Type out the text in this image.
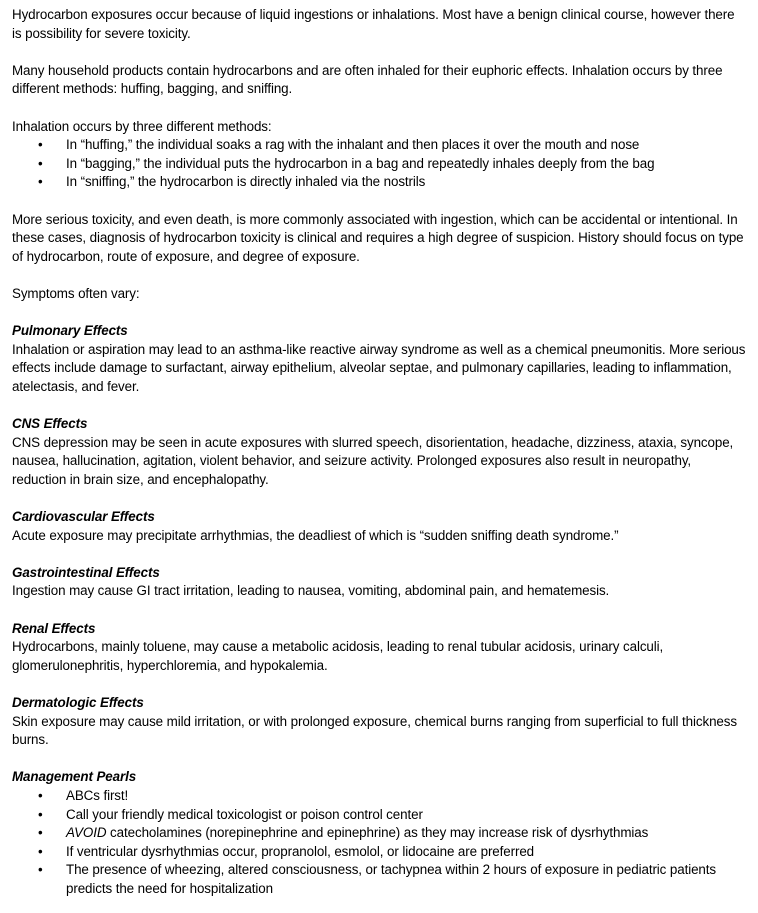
Hydrocarbon exposures occur because of liquid ingestions or inhalations. Most have a benign clinical course, however there is possibility for severe toxicity.

Many household products contain hydrocarbons and are often inhaled for their euphoric effects. Inhalation occurs by three different methods: huffing, bagging, and sniffing.

Inhalation occurs by three different methods:
• In “huffing,” the individual soaks a rag with the inhalant and then places it over the mouth and nose
• In “bagging,” the individual puts the hydrocarbon in a bag and repeatedly inhales deeply from the bag
• In “sniffing,” the hydrocarbon is directly inhaled via the nostrils

More serious toxicity, and even death, is more commonly associated with ingestion, which can be accidental or intentional. In these cases, diagnosis of hydrocarbon toxicity is clinical and requires a high degree of suspicion. History should focus on type of hydrocarbon, route of exposure, and degree of exposure.

Symptoms often vary:

Pulmonary Effects
Inhalation or aspiration may lead to an asthma-like reactive airway syndrome as well as a chemical pneumonitis. More serious effects include damage to surfactant, airway epithelium, alveolar septae, and pulmonary capillaries, leading to inflammation, atelectasis, and fever.
CNS Effects
CNS depression may be seen in acute exposures with slurred speech, disorientation, headache, dizziness, ataxia, syncope, nausea, hallucination, agitation, violent behavior, and seizure activity. Prolonged exposures also result in neuropathy, reduction in brain size, and encephalopathy.
Cardiovascular Effects
Acute exposure may precipitate arrhythmias, the deadliest of which is “sudden sniffing death syndrome.”
Gastrointestinal Effects
Ingestion may cause GI tract irritation, leading to nausea, vomiting, abdominal pain, and hematemesis.
Renal Effects
Hydrocarbons, mainly toluene, may cause a metabolic acidosis, leading to renal tubular acidosis, urinary calculi, glomerulonephritis, hyperchloremia, and hypokalemia.
Dermatologic Effects
Skin exposure may cause mild irritation, or with prolonged exposure, chemical burns ranging from superficial to full thickness burns.
Management Pearls
• ABCs first!
• Call your friendly medical toxicologist or poison control center
• AVOID catecholamines (norepinephrine and epinephrine) as they may increase risk of dysrhythmias
• If ventricular dysrhythmias occur, propranolol, esmolol, or lidocaine are preferred
• The presence of wheezing, altered consciousness, or tachypnea within 2 hours of exposure in pediatric patients predicts the need for hospitalization
